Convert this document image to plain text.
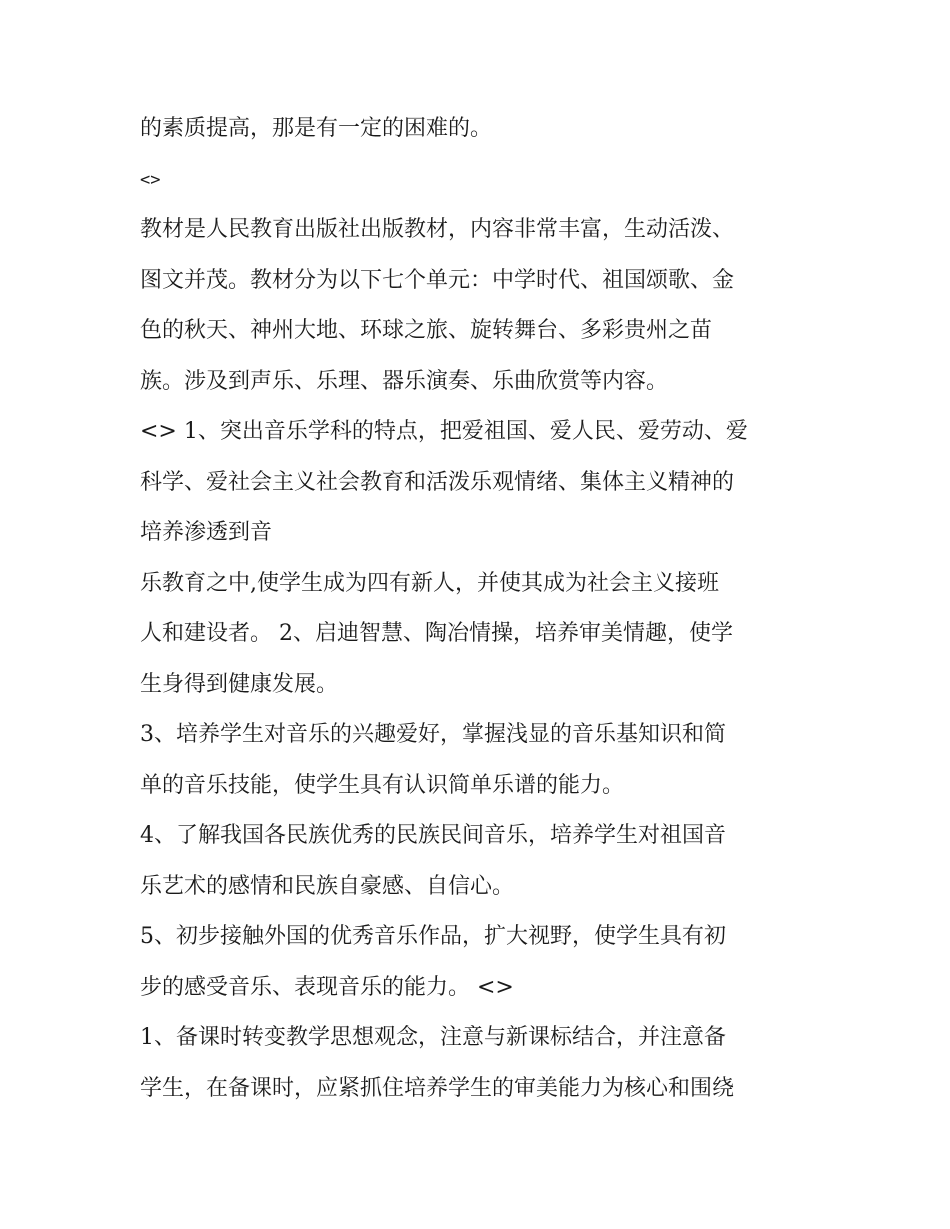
的素质提高，那是有一定的困难的。
<>
教材是人民教育出版社出版教材，内容非常丰富，生动活泼、
图文并茂。教材分为以下七个单元：中学时代、祖国颂歌、金
色的秋天、神州大地、环球之旅、旋转舞台、多彩贵州之苗
族。涉及到声乐、乐理、器乐演奏、乐曲欣赏等内容。
<> 1、突出音乐学科的特点，把爱祖国、爱人民、爱劳动、爱
科学、爱社会主义社会教育和活泼乐观情绪、集体主义精神的
培养渗透到音
乐教育之中,使学生成为四有新人，并使其成为社会主义接班
人和建设者。 2、启迪智慧、陶冶情操，培养审美情趣，使学
生身得到健康发展。
3、培养学生对音乐的兴趣爱好，掌握浅显的音乐基知识和简
单的音乐技能，使学生具有认识简单乐谱的能力。
4、了解我国各民族优秀的民族民间音乐，培养学生对祖国音
乐艺术的感情和民族自豪感、自信心。
5、初步接触外国的优秀音乐作品，扩大视野，使学生具有初
步的感受音乐、表现音乐的能力。 <>
1、备课时转变教学思想观念，注意与新课标结合，并注意备
学生，在备课时，应紧抓住培养学生的审美能力为核心和围绕
